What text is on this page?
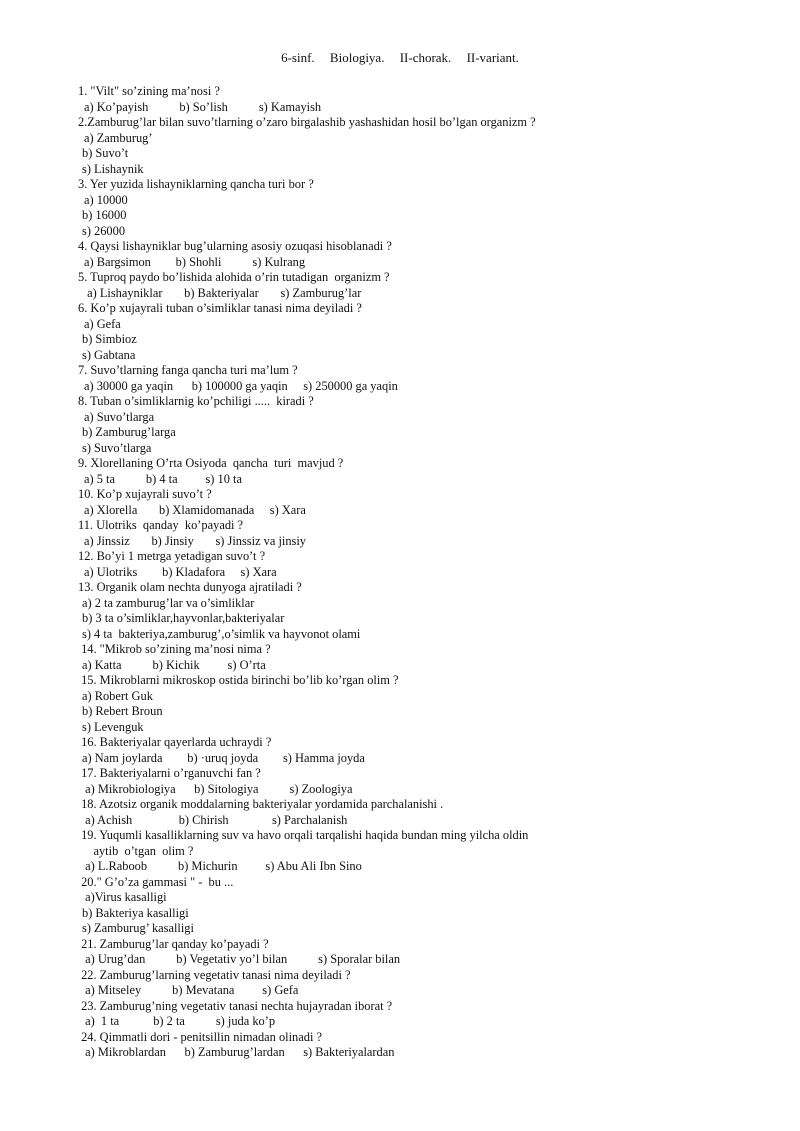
6-sinf. Biologiya. II-chorak. II-variant.
1. "Vilt" so’zining ma’nosi ?
a) Ko’payish          b) So’lish          s) Kamayish
2.Zamburug’lar bilan suvo’tlarning o’zaro birgalashib yashashidan hosil bo’lgan organizm ?
a) Zamburug’
b) Suvo’t
s) Lishaynik
3. Yer yuzida lishayniklarning qancha turi bor ?
a) 10000
b) 16000
s) 26000
4. Qaysi lishayniklar bug’ularning asosiy ozuqasi hisoblanadi ?
a) Bargsimon        b) Shohli          s) Kulrang
5. Tuproq paydo bo’lishida alohida o’rin tutadigan  organizm ?
a) Lishayniklar       b) Bakteriyalar       s) Zamburug’lar
6. Ko’p xujayrali tuban o’simliklar tanasi nima deyiladi ?
a) Gefa
b) Simbioz
s) Gabtana
7. Suvo’tlarning fanga qancha turi ma’lum ?
a) 30000 ga yaqin      b) 100000 ga yaqin     s) 250000 ga yaqin
8. Tuban o’simliklarnig ko’pchiligi .....  kiradi ?
a) Suvo’tlarga
b) Zamburug’larga
s) Suvo’tlarga
9. Xlorellaning O’rta Osiyoda  qancha  turi  mavjud ?
a) 5 ta          b) 4 ta         s) 10 ta
10. Ko’p xujayrali suvo’t ?
a) Xlorella       b) Xlamidomanada     s) Xara
11. Ulotriks  qanday  ko’payadi ?
a) Jinssiz       b) Jinsiy       s) Jinssiz va jinsiy
12. Bo’yi 1 metrga yetadigan suvo’t ?
a) Ulotriks        b) Kladafora     s) Xara
13. Organik olam nechta dunyoga ajratiladi ?
a) 2 ta zamburug’lar va o’simliklar
b) 3 ta o’simliklar,hayvonlar,bakteriyalar
s) 4 ta  bakteriya,zamburug’,o’simlik va hayvonot olami
14. "Mikrob so’zining ma’nosi nima ?
a) Katta          b) Kichik         s) O’rta
15. Mikroblarni mikroskop ostida birinchi bo’lib ko’rgan olim ?
a) Robert Guk
b) Rebert Broun
s) Levenguk
16. Bakteriyalar qayerlarda uchraydi ?
a) Nam joylarda        b) ·uruq joyda        s) Hamma joyda
17. Bakteriyalarni o’rganuvchi fan ?
a) Mikrobiologiya      b) Sitologiya          s) Zoologiya
18. Azotsiz organik moddalarning bakteriyalar yordamida parchalanishi .
a) Achish               b) Chirish              s) Parchalanish
19. Yuqumli kasalliklarning suv va havo orqali tarqalishi haqida bundan ming yilcha oldin
aytib  o’tgan  olim ?
a) L.Raboob          b) Michurin         s) Abu Ali Ibn Sino
20." G’o’za gammasi " -  bu ...
a)Virus kasalligi
b) Bakteriya kasalligi
s) Zamburug’ kasalligi
21. Zamburug’lar qanday ko’payadi ?
a) Urug’dan          b) Vegetativ yo’l bilan          s) Sporalar bilan
22. Zamburug’larning vegetativ tanasi nima deyiladi ?
a) Mitseley          b) Mevatana         s) Gefa
23. Zamburug’ning vegetativ tanasi nechta hujayradan iborat ?
a)  1 ta           b) 2 ta          s) juda ko’p
24. Qimmatli dori - penitsillin nimadan olinadi ?
a) Mikroblardan      b) Zamburug’lardan      s) Bakteriyalardan
